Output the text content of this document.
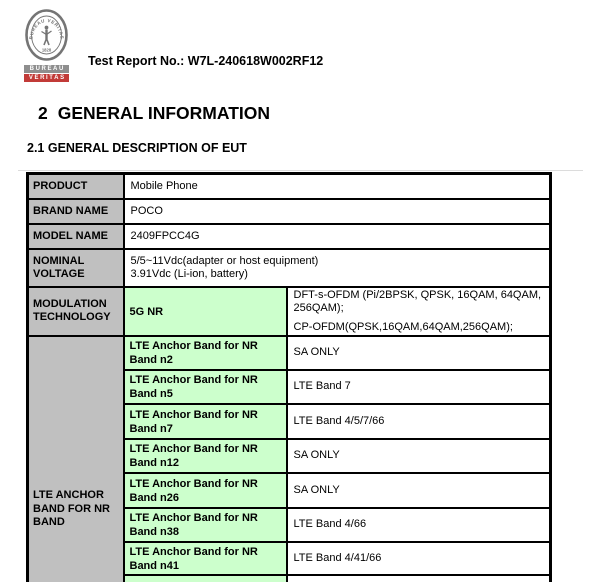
BUREAU VERITAS
1828
BUREAU
VERITAS
Test Report No.: W7L-240618W002RF12
2 GENERAL INFORMATION
2.1 GENERAL DESCRIPTION OF EUT
PRODUCT	Mobile Phone	
BRAND NAME	POCO	
MODEL NAME	2409FPCC4G	
NOMINAL VOLTAGE	5/5~11Vdc(adapter or host equipment)
3.91Vdc (Li-ion, battery)	

MODULATION TECHNOLOGY	5G NR	DFT-s-OFDM (Pi/2BPSK, QPSK, 16QAM, 64QAM, 256QAM);
CP-OFDM(QPSK,16QAM,64QAM,256QAM);

LTE ANCHOR BAND FOR NR BAND	LTE Anchor Band for NR Band n2	SA ONLY
	LTE Anchor Band for NR Band n5	LTE Band 7
	LTE Anchor Band for NR Band n7	LTE Band 4/5/7/66
	LTE Anchor Band for NR Band n12	SA ONLY
	LTE Anchor Band for NR Band n26	SA ONLY
	LTE Anchor Band for NR Band n38	LTE Band 4/66
	LTE Anchor Band for NR Band n41	LTE Band 4/41/66
